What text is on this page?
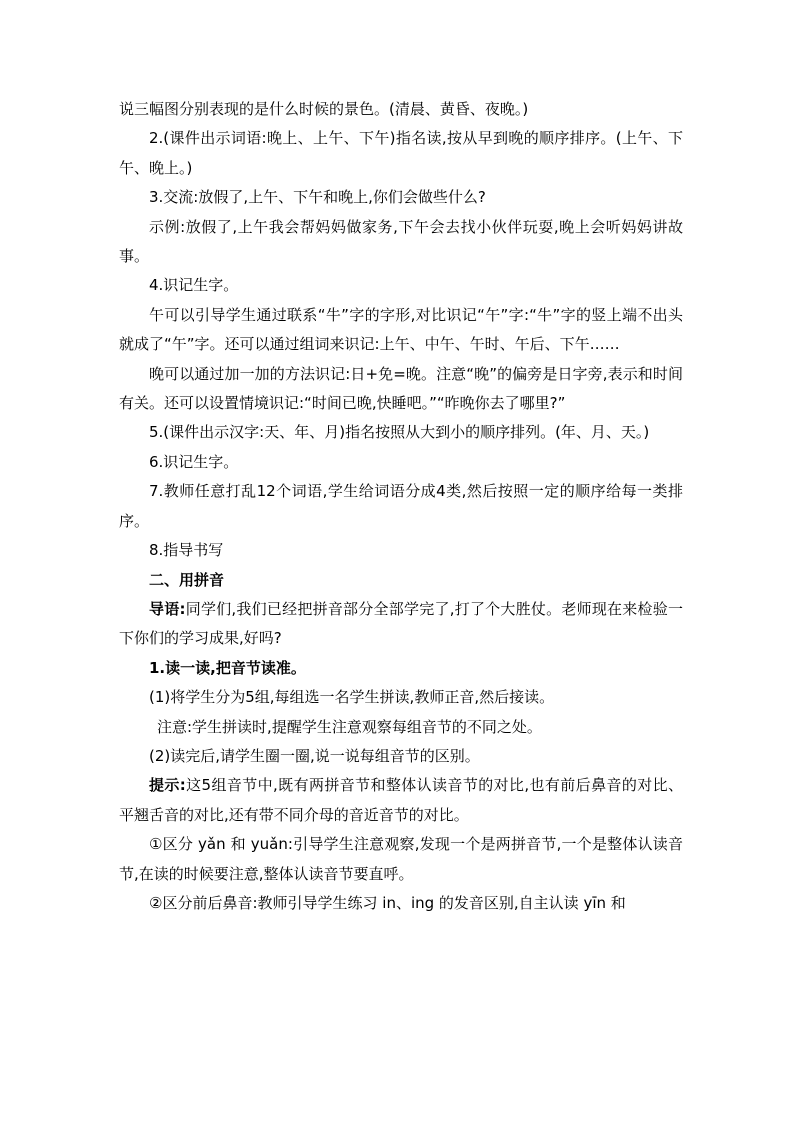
说三幅图分别表现的是什么时候的景色。(清晨、黄昏、夜晚。)

2.(课件出示词语:晚上、上午、下午)指名读,按从早到晚的顺序排序。(上午、下午、晚上。)

3.交流:放假了,上午、下午和晚上,你们会做些什么?

示例:放假了,上午我会帮妈妈做家务,下午会去找小伙伴玩耍,晚上会听妈妈讲故事。

4.识记生字。

午可以引导学生通过联系“牛”字的字形,对比识记“午”字:“牛”字的竖上端不出头就成了“午”字。还可以通过组词来识记:上午、中午、午时、午后、下午……

晚可以通过加一加的方法识记:日+免=晚。注意“晚”的偏旁是日字旁,表示和时间有关。还可以设置情境识记:“时间已晚,快睡吧。”“昨晚你去了哪里?”

5.(课件出示汉字:天、年、月)指名按照从大到小的顺序排列。(年、月、天。)

6.识记生字。

7.教师任意打乱12个词语,学生给词语分成4类,然后按照一定的顺序给每一类排序。

8.指导书写

二、用拼音

导语:同学们,我们已经把拼音部分全部学完了,打了个大胜仗。老师现在来检验一下你们的学习成果,好吗?

1.读一读,把音节读准。

(1)将学生分为5组,每组选一名学生拼读,教师正音,然后接读。

注意:学生拼读时,提醒学生注意观察每组音节的不同之处。

(2)读完后,请学生圈一圈,说一说每组音节的区别。

提示:这5组音节中,既有两拼音节和整体认读音节的对比,也有前后鼻音的对比、平翘舌音的对比,还有带不同介母的音近音节的对比。

①区分 yǎn 和 yuǎn:引导学生注意观察,发现一个是两拼音节,一个是整体认读音节,在读的时候要注意,整体认读音节要直呼。

②区分前后鼻音:教师引导学生练习 in、ing 的发音区别,自主认读 yīn 和
